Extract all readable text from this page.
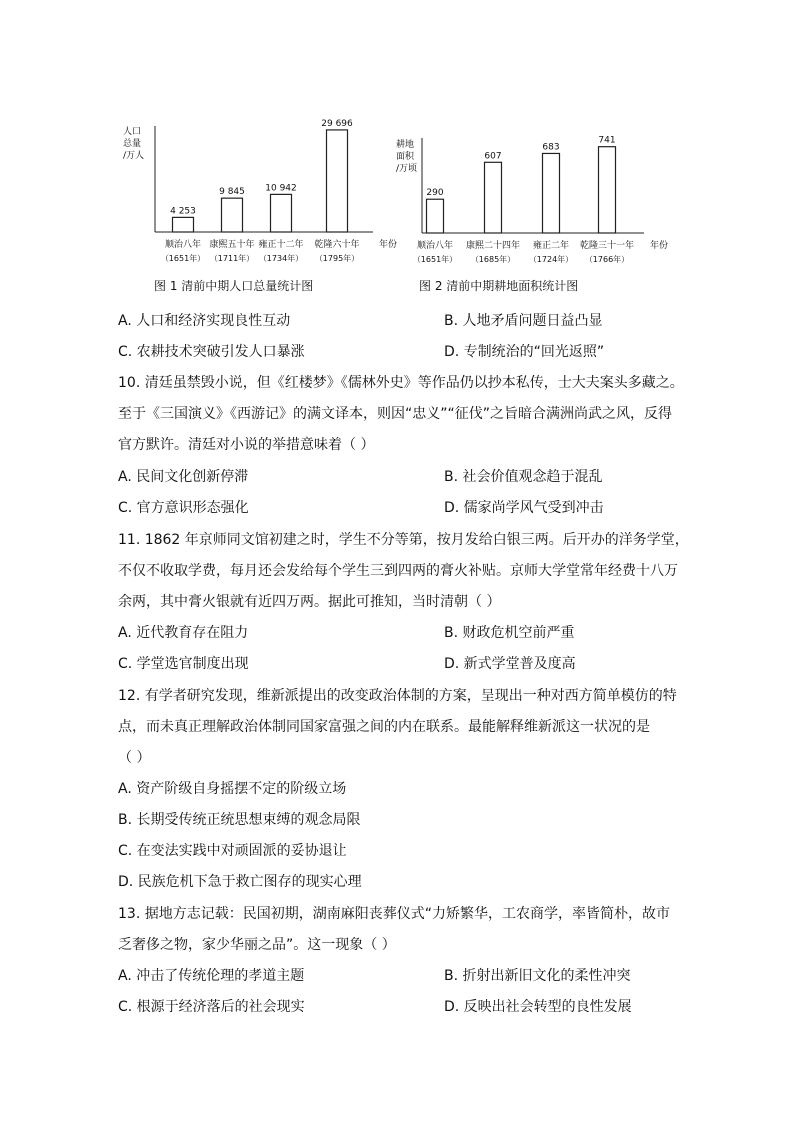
人口
总量
/万人
年份
4 253
顺治八年
（1651年）
9 845
康熙五十年
（1711年）
10 942
雍正十二年
（1734年）
29 696
乾隆六十年
（1795年）
图 1 清前中期人口总量统计图
耕地
面积
/万顷
年份
290
顺治八年
（1651年）
607
康熙二十四年
（1685年）
683
雍正二年
（1724年）
741
乾隆三十一年
（1766年）
图 2 清前中期耕地面积统计图
A. 人口和经济实现良性互动	B. 人地矛盾问题日益凸显
C. 农耕技术突破引发人口暴涨	D. 专制统治的“回光返照”
10. 清廷虽禁毁小说，但《红楼梦》《儒林外史》等作品仍以抄本私传，士大夫案头多藏之。
至于《三国演义》《西游记》的满文译本，则因“忠义”“征伐”之旨暗合满洲尚武之风，反得
官方默许。清廷对小说的举措意味着（ ）
A. 民间文化创新停滞	B. 社会价值观念趋于混乱
C. 官方意识形态强化	D. 儒家尚学风气受到冲击
11. 1862 年京师同文馆初建之时，学生不分等第，按月发给白银三两。后开办的洋务学堂，
不仅不收取学费，每月还会发给每个学生三到四两的膏火补贴。京师大学堂常年经费十八万
余两，其中膏火银就有近四万两。据此可推知，当时清朝（ ）
A. 近代教育存在阻力	B. 财政危机空前严重
C. 学堂选官制度出现	D. 新式学堂普及度高
12. 有学者研究发现，维新派提出的改变政治体制的方案，呈现出一种对西方简单模仿的特
点，而未真正理解政治体制同国家富强之间的内在联系。最能解释维新派这一状况的是
（ ）
A. 资产阶级自身摇摆不定的阶级立场
B. 长期受传统正统思想束缚的观念局限
C. 在变法实践中对顽固派的妥协退让
D. 民族危机下急于救亡图存的现实心理
13. 据地方志记载：民国初期，湖南麻阳丧葬仪式“力矫繁华，工农商学，率皆简朴，故市
乏奢侈之物，家少华丽之品”。这一现象（ ）
A. 冲击了传统伦理的孝道主题	B. 折射出新旧文化的柔性冲突
C. 根源于经济落后的社会现实	D. 反映出社会转型的良性发展
